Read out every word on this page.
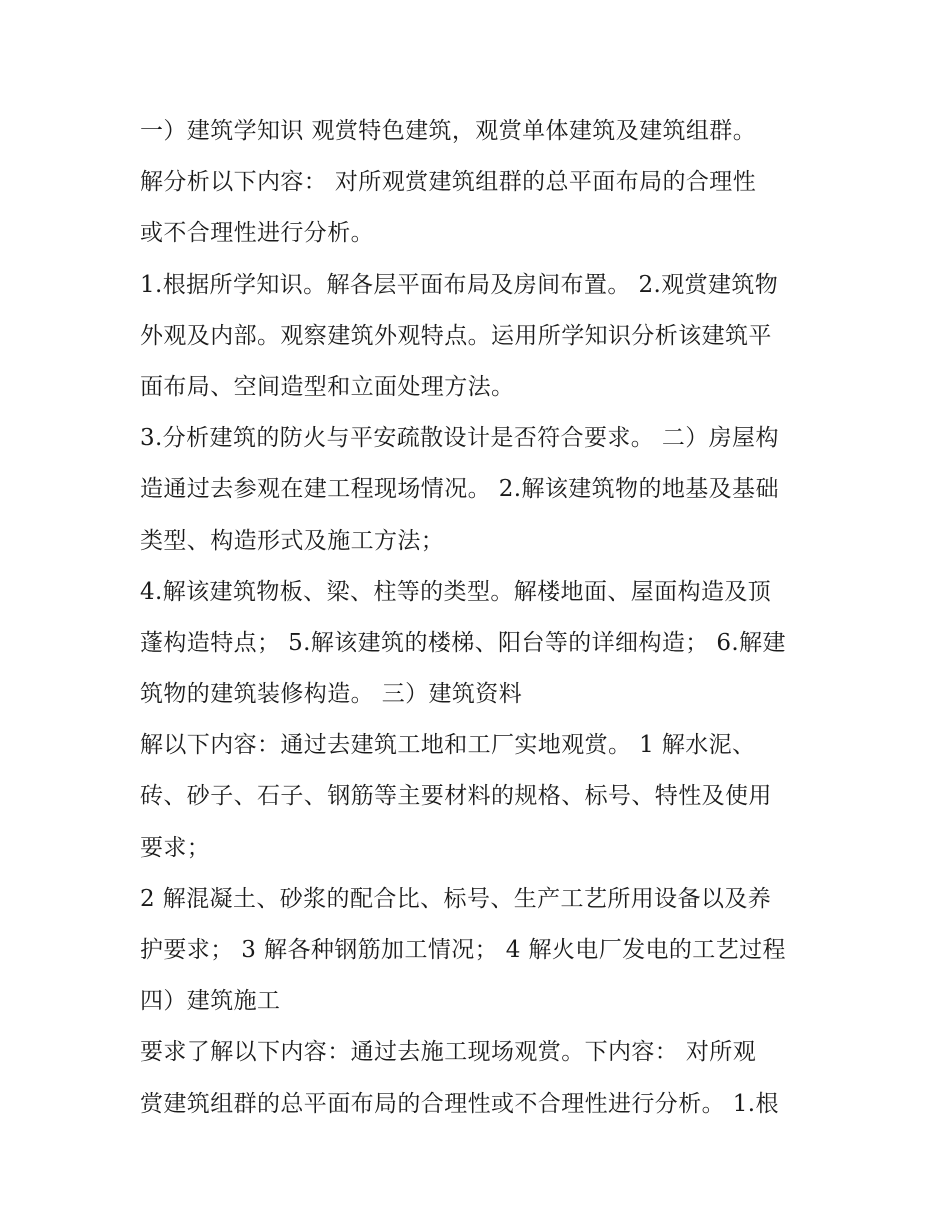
一）建筑学知识 观赏特色建筑，观赏单体建筑及建筑组群。
解分析以下内容： 对所观赏建筑组群的总平面布局的合理性
或不合理性进行分析。
1.根据所学知识。解各层平面布局及房间布置。 2.观赏建筑物
外观及内部。观察建筑外观特点。运用所学知识分析该建筑平
面布局、空间造型和立面处理方法。
3.分析建筑的防火与平安疏散设计是否符合要求。 二）房屋构
造通过去参观在建工程现场情况。 2.解该建筑物的地基及基础
类型、构造形式及施工方法；
4.解该建筑物板、梁、柱等的类型。解楼地面、屋面构造及顶
蓬构造特点； 5.解该建筑的楼梯、阳台等的详细构造； 6.解建
筑物的建筑装修构造。 三）建筑资料
解以下内容：通过去建筑工地和工厂实地观赏。 1 解水泥、
砖、砂子、石子、钢筋等主要材料的规格、标号、特性及使用
要求；
2 解混凝土、砂浆的配合比、标号、生产工艺所用设备以及养
护要求； 3 解各种钢筋加工情况； 4 解火电厂发电的工艺过程
四）建筑施工
要求了解以下内容：通过去施工现场观赏。下内容： 对所观
赏建筑组群的总平面布局的合理性或不合理性进行分析。 1.根
